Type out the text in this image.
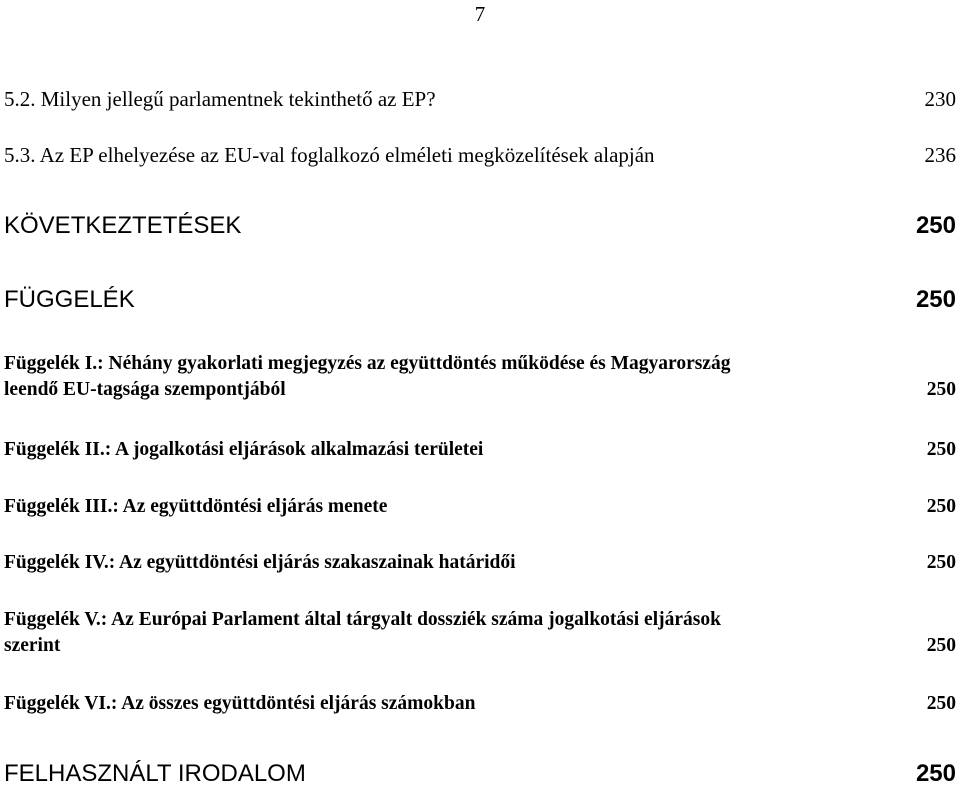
7
5.2. Milyen jellegű parlamentnek tekinthető az EP?	230
5.3. Az EP elhelyezése az EU-val foglalkozó elméleti megközelítések alapján	236
KÖVETKEZTETÉSEK	250
FÜGGELÉK	250
Függelék I.: Néhány gyakorlati megjegyzés az együttdöntés működése és Magyarország
leendő EU-tagsága szempontjából	250
Függelék II.: A jogalkotási eljárások alkalmazási területei	250
Függelék III.: Az együttdöntési eljárás menete	250
Függelék IV.: Az együttdöntési eljárás szakaszainak határidői	250
Függelék V.: Az Európai Parlament által tárgyalt dossziék száma jogalkotási eljárások
szerint	250
Függelék VI.: Az összes együttdöntési eljárás számokban	250
FELHASZNÁLT IRODALOM	250
